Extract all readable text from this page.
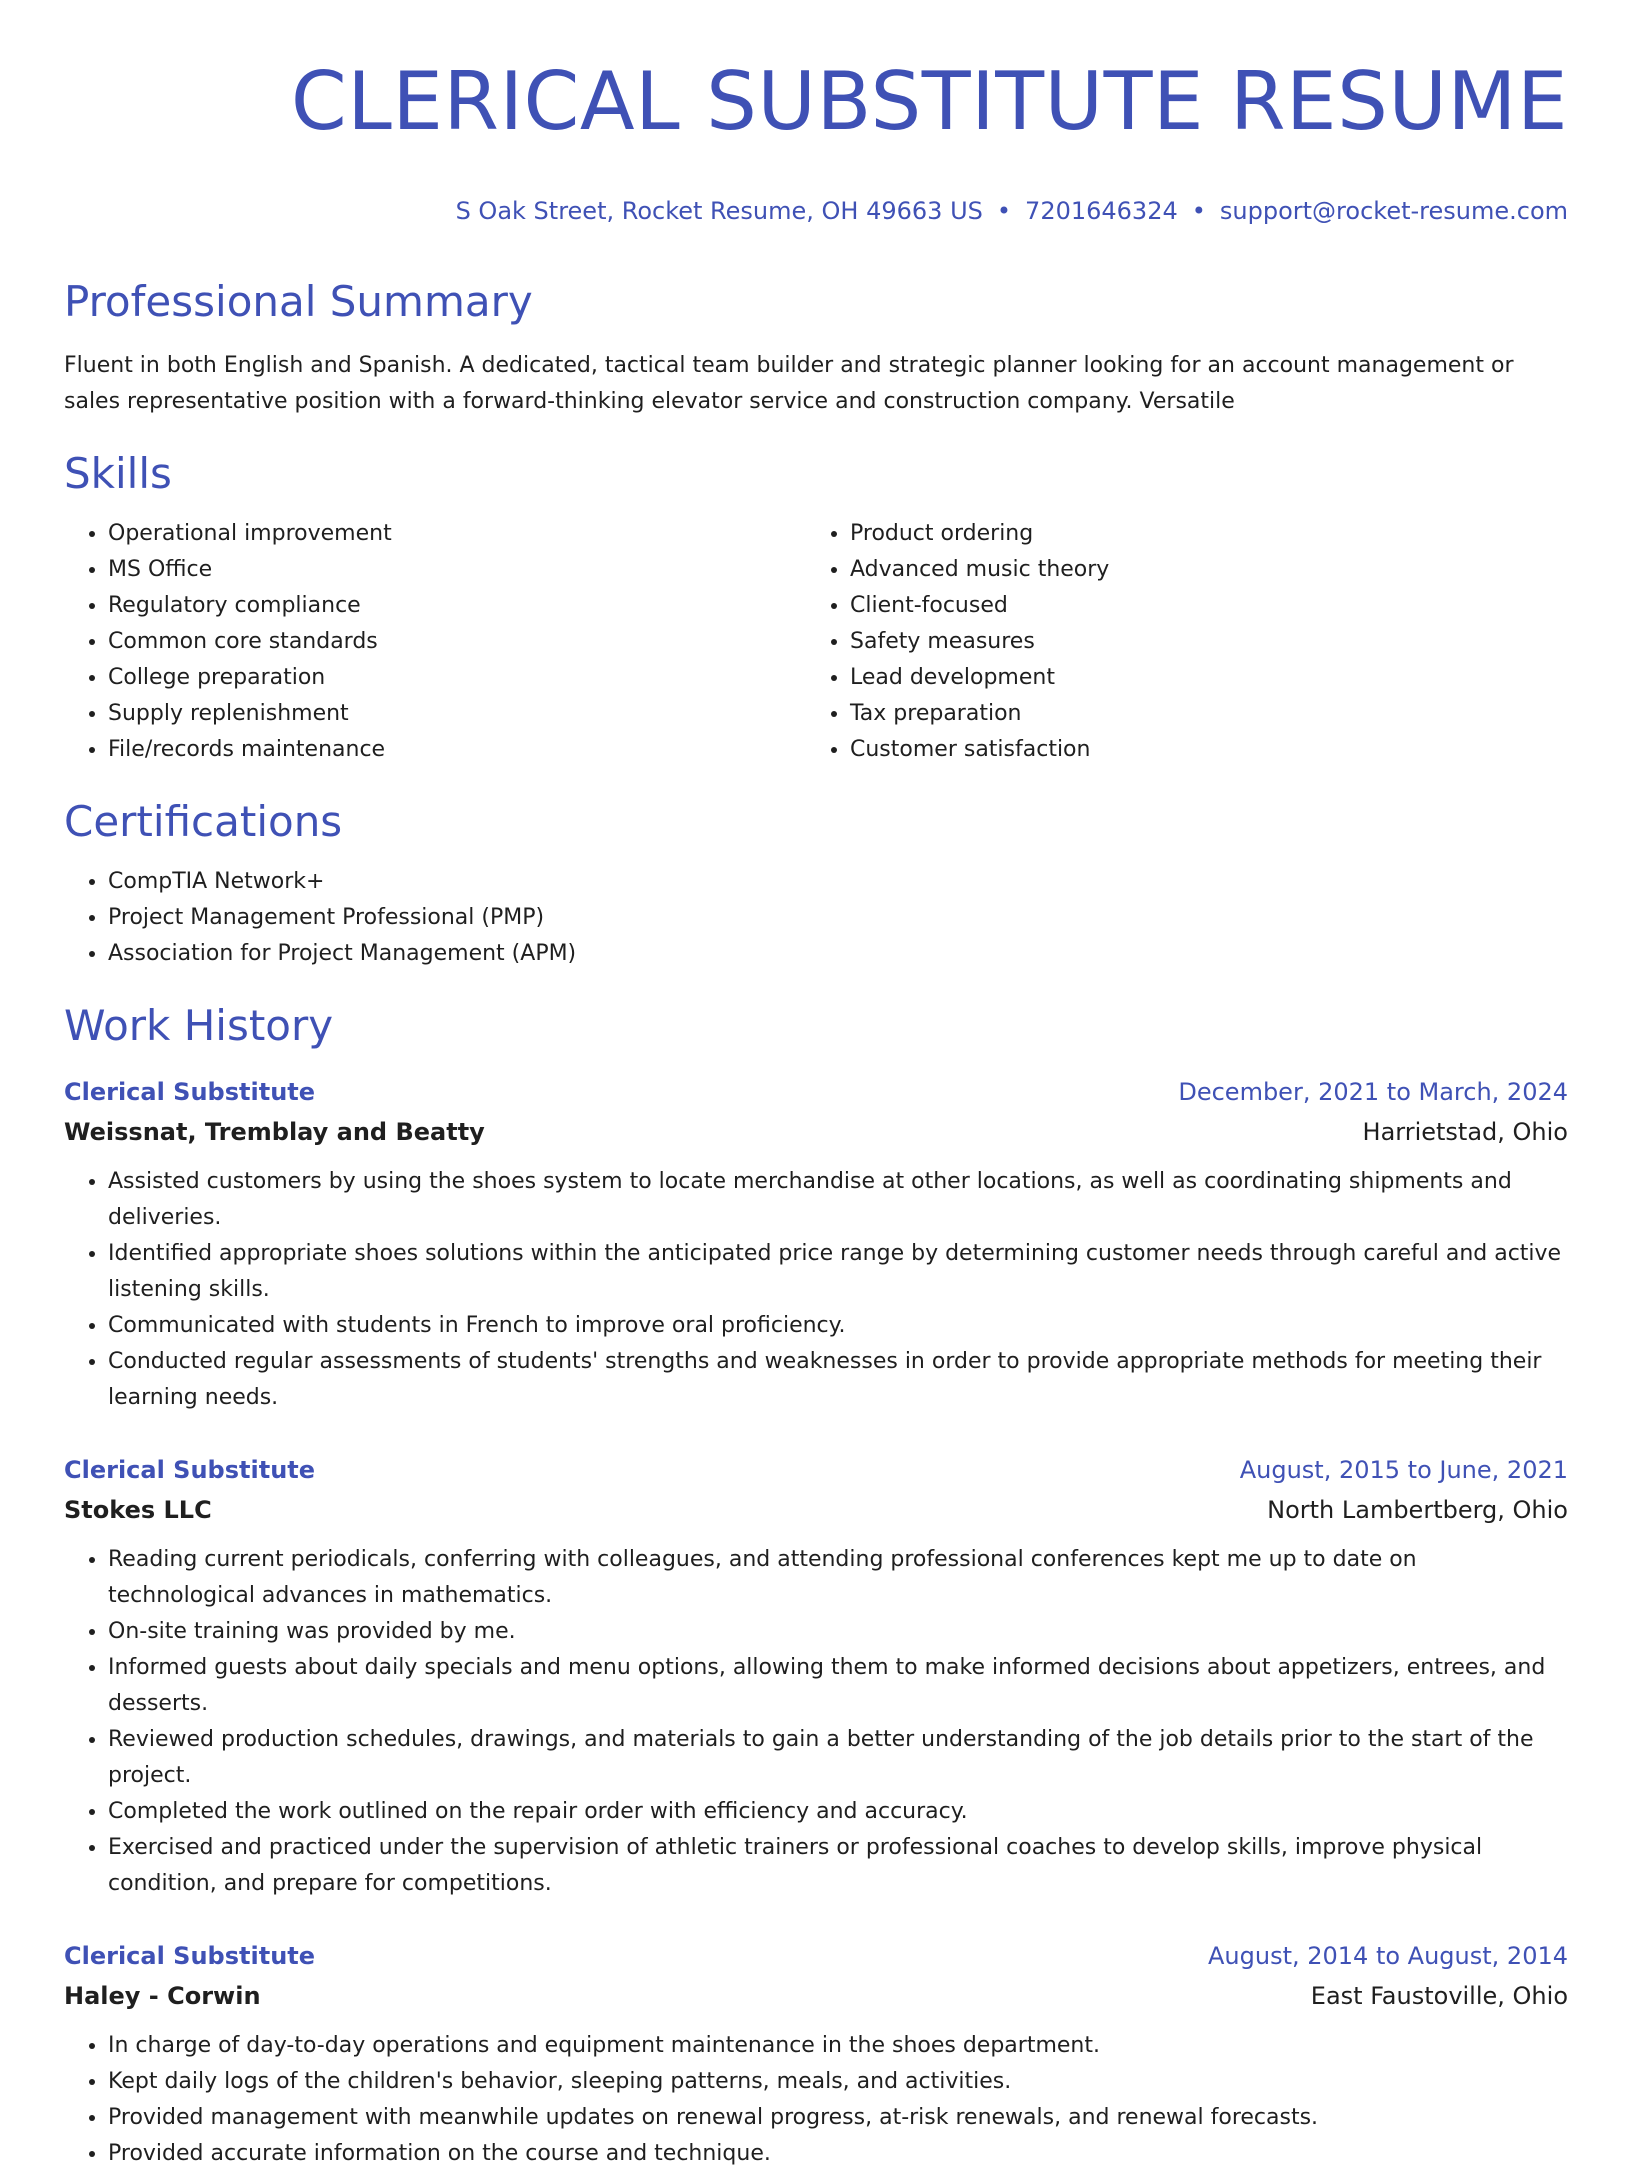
CLERICAL SUBSTITUTE RESUME
S Oak Street, Rocket Resume, OH 49663 US • 7201646324 • support@rocket-resume.com
Professional Summary
Fluent in both English and Spanish. A dedicated, tactical team builder and strategic planner looking for an account management or sales representative position with a forward-thinking elevator service and construction company. Versatile
Skills
• Operational improvement
• MS Office
• Regulatory compliance
• Common core standards
• College preparation
• Supply replenishment
• File/records maintenance
• Product ordering
• Advanced music theory
• Client-focused
• Safety measures
• Lead development
• Tax preparation
• Customer satisfaction
Certifications
• CompTIA Network+
• Project Management Professional (PMP)
• Association for Project Management (APM)
Work History
Clerical Substitute	December, 2021 to March, 2024
Weissnat, Tremblay and Beatty	Harrietstad, Ohio
• Assisted customers by using the shoes system to locate merchandise at other locations, as well as coordinating shipments and deliveries.
• Identified appropriate shoes solutions within the anticipated price range by determining customer needs through careful and active listening skills.
• Communicated with students in French to improve oral proficiency.
• Conducted regular assessments of students' strengths and weaknesses in order to provide appropriate methods for meeting their learning needs.
Clerical Substitute	August, 2015 to June, 2021
Stokes LLC	North Lambertberg, Ohio
• Reading current periodicals, conferring with colleagues, and attending professional conferences kept me up to date on technological advances in mathematics.
• On-site training was provided by me.
• Informed guests about daily specials and menu options, allowing them to make informed decisions about appetizers, entrees, and desserts.
• Reviewed production schedules, drawings, and materials to gain a better understanding of the job details prior to the start of the project.
• Completed the work outlined on the repair order with efficiency and accuracy.
• Exercised and practiced under the supervision of athletic trainers or professional coaches to develop skills, improve physical condition, and prepare for competitions.
Clerical Substitute	August, 2014 to August, 2014
Haley - Corwin	East Faustoville, Ohio
• In charge of day-to-day operations and equipment maintenance in the shoes department.
• Kept daily logs of the children's behavior, sleeping patterns, meals, and activities.
• Provided management with meanwhile updates on renewal progress, at-risk renewals, and renewal forecasts.
• Provided accurate information on the course and technique.
